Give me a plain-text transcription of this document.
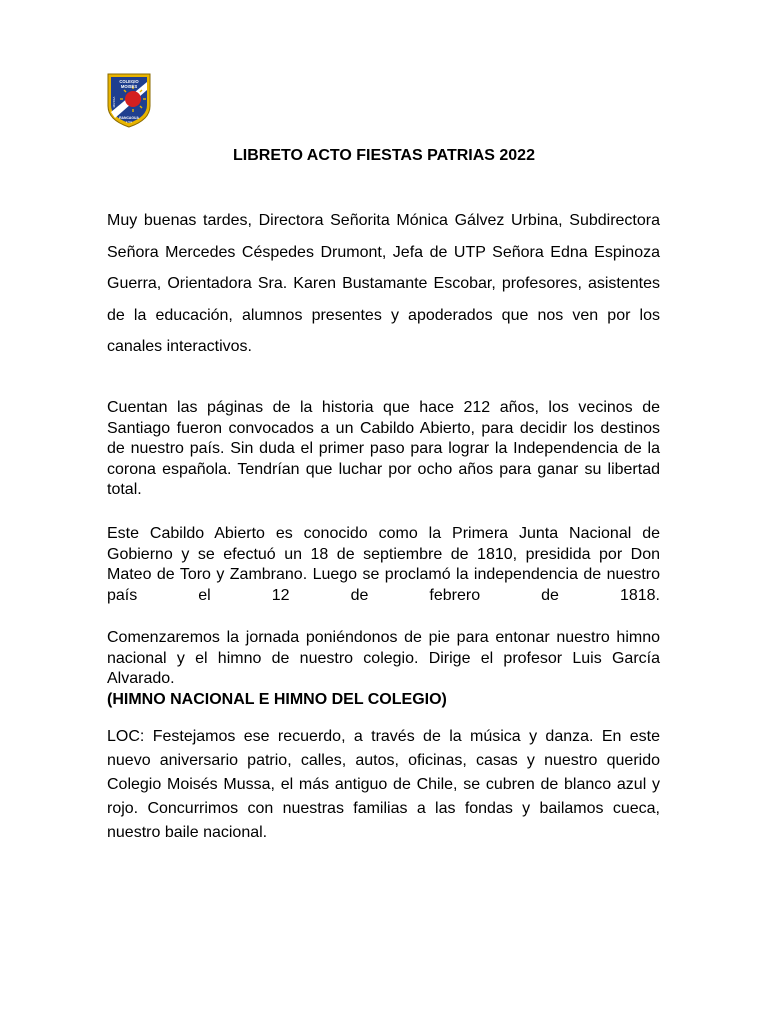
COLEGIO
MOISÉS
MUSSA
RANCAGUA
1791
LIBRETO ACTO FIESTAS PATRIAS 2022

Muy buenas tardes, Directora Señorita Mónica Gálvez Urbina, Subdirectora Señora Mercedes Céspedes Drumont, Jefa de UTP Señora Edna Espinoza Guerra, Orientadora Sra. Karen Bustamante Escobar, profesores, asistentes de la educación, alumnos presentes y apoderados que nos ven por los canales interactivos.

Cuentan las páginas de la historia que hace 212 años, los vecinos de Santiago fueron convocados a un Cabildo Abierto, para decidir los destinos de nuestro país. Sin duda el primer paso para lograr la Independencia de la corona española. Tendrían que luchar por ocho años para ganar su libertad total.

Este Cabildo Abierto es conocido como la Primera Junta Nacional de Gobierno y se efectuó un 18 de septiembre de 1810, presidida por Don Mateo de Toro y Zambrano. Luego se proclamó la independencia de nuestro país el 12 de febrero de 1818.

Comenzaremos la jornada poniéndonos de pie para entonar nuestro himno nacional y el himno de nuestro colegio. Dirige el profesor Luis García Alvarado.

(HIMNO NACIONAL E HIMNO DEL COLEGIO)

LOC: Festejamos ese recuerdo, a través de la música y danza. En este nuevo aniversario patrio, calles, autos, oficinas, casas y nuestro querido Colegio Moisés Mussa, el más antiguo de Chile, se cubren de blanco azul y rojo. Concurrimos con nuestras familias a las fondas y bailamos cueca, nuestro baile nacional.
